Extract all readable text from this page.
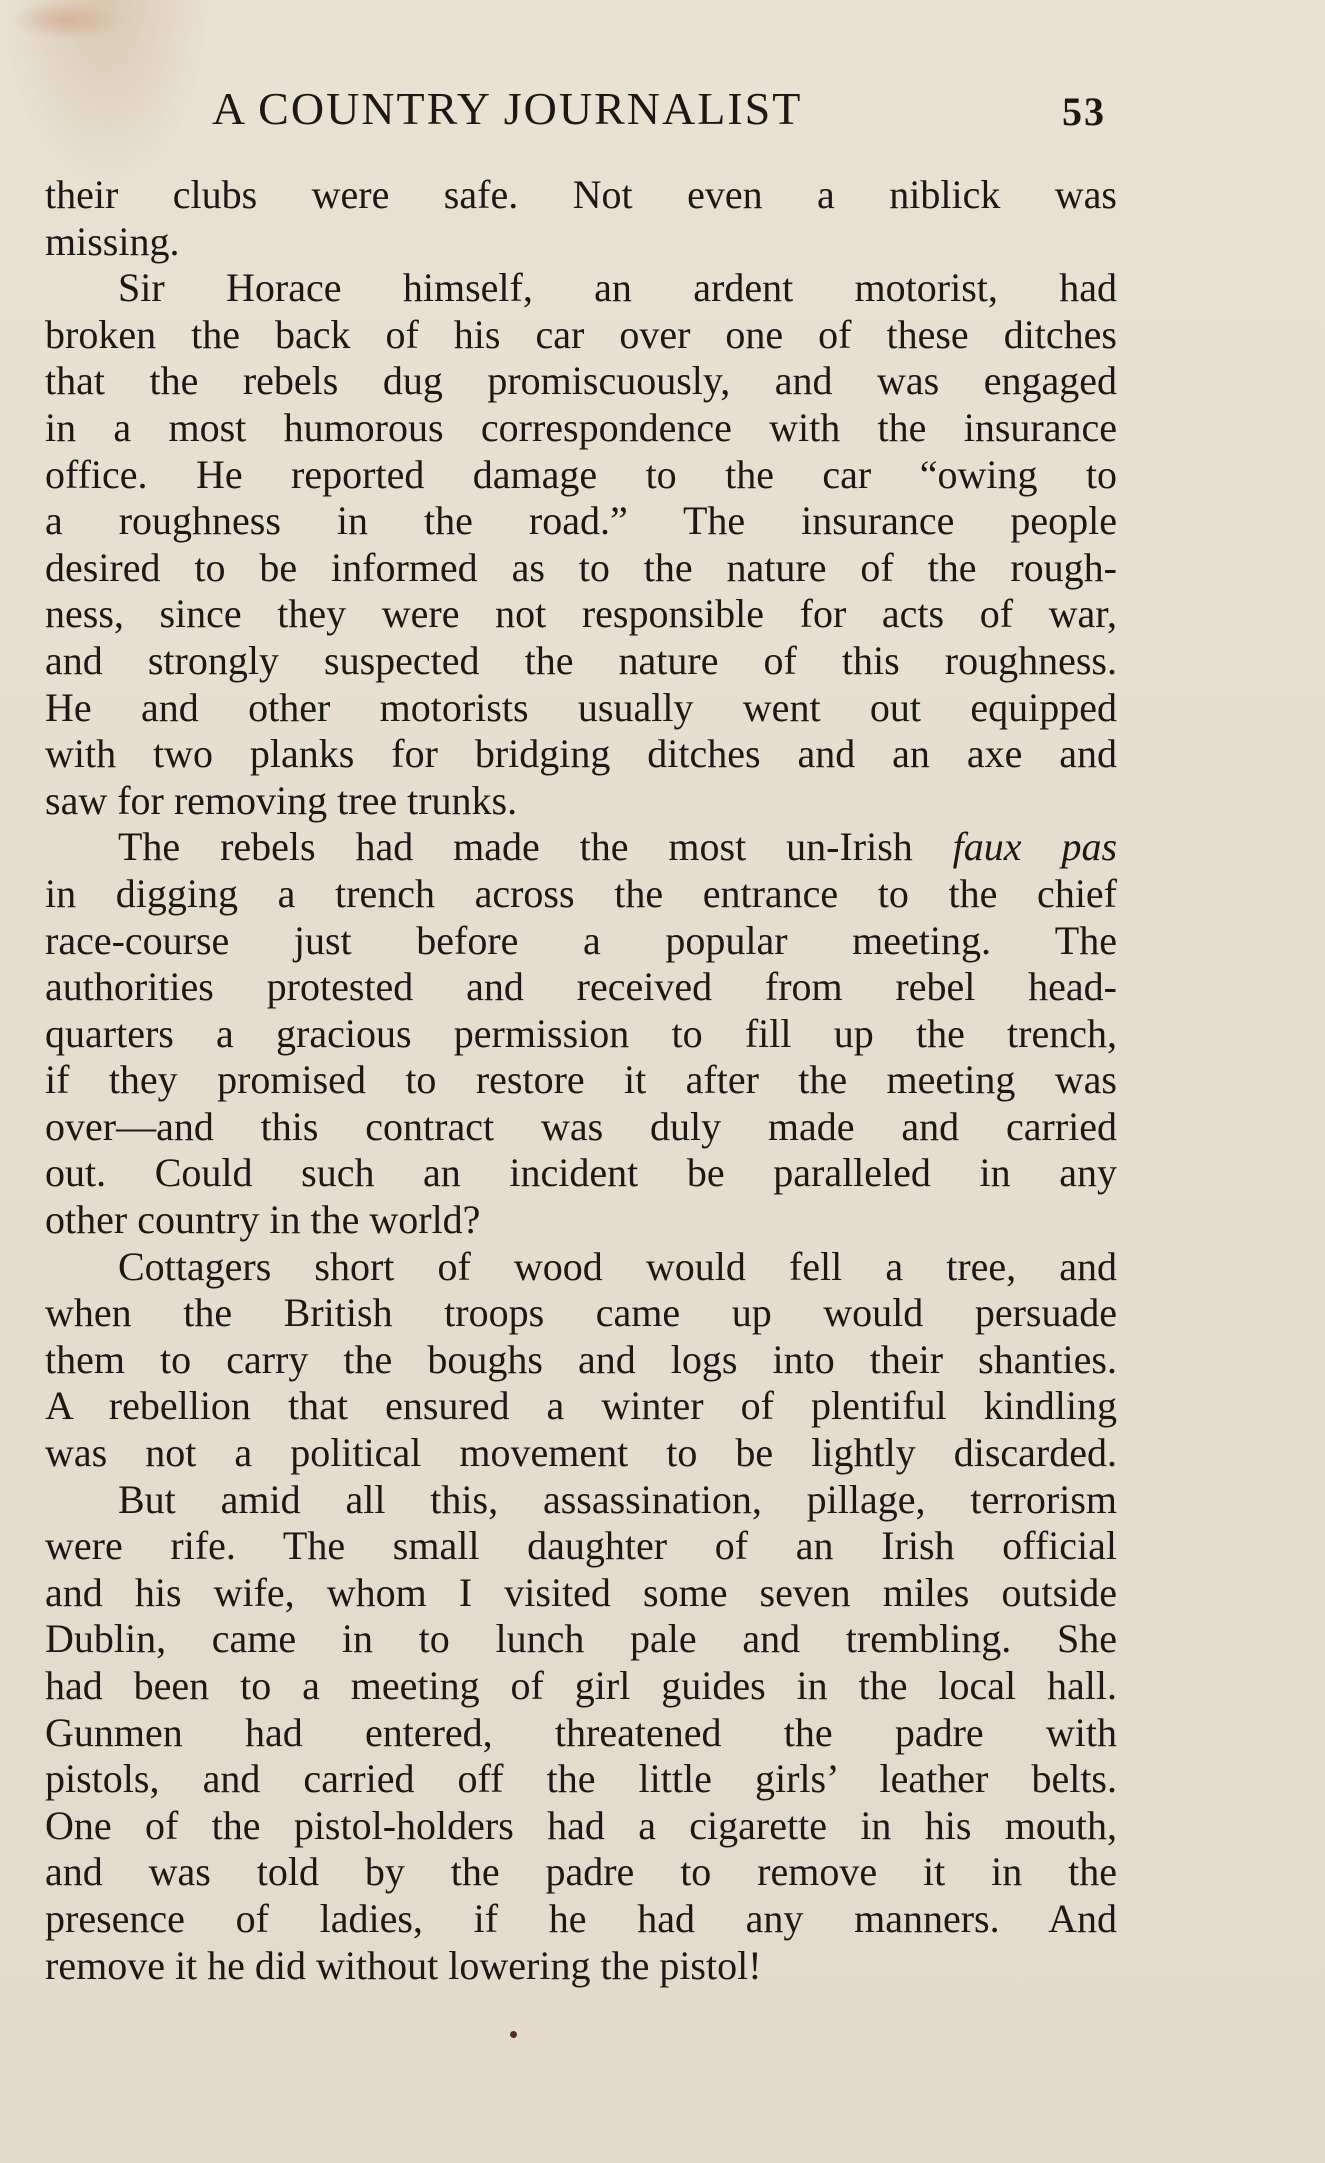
A COUNTRY JOURNALIST	53
their clubs were safe. Not even a niblick was
missing.
Sir Horace himself, an ardent motorist, had
broken the back of his car over one of these ditches
that the rebels dug promiscuously, and was engaged
in a most humorous correspondence with the insurance
office. He reported damage to the car “owing to
a roughness in the road.” The insurance people
desired to be informed as to the nature of the rough-
ness, since they were not responsible for acts of war,
and strongly suspected the nature of this roughness.
He and other motorists usually went out equipped
with two planks for bridging ditches and an axe and
saw for removing tree trunks.
The rebels had made the most un-Irish faux pas
in digging a trench across the entrance to the chief
race-course just before a popular meeting. The
authorities protested and received from rebel head-
quarters a gracious permission to fill up the trench,
if they promised to restore it after the meeting was
over—and this contract was duly made and carried
out. Could such an incident be paralleled in any
other country in the world?
Cottagers short of wood would fell a tree, and
when the British troops came up would persuade
them to carry the boughs and logs into their shanties.
A rebellion that ensured a winter of plentiful kindling
was not a political movement to be lightly discarded.
But amid all this, assassination, pillage, terrorism
were rife. The small daughter of an Irish official
and his wife, whom I visited some seven miles outside
Dublin, came in to lunch pale and trembling. She
had been to a meeting of girl guides in the local hall.
Gunmen had entered, threatened the padre with
pistols, and carried off the little girls’ leather belts.
One of the pistol-holders had a cigarette in his mouth,
and was told by the padre to remove it in the
presence of ladies, if he had any manners. And
remove it he did without lowering the pistol!
